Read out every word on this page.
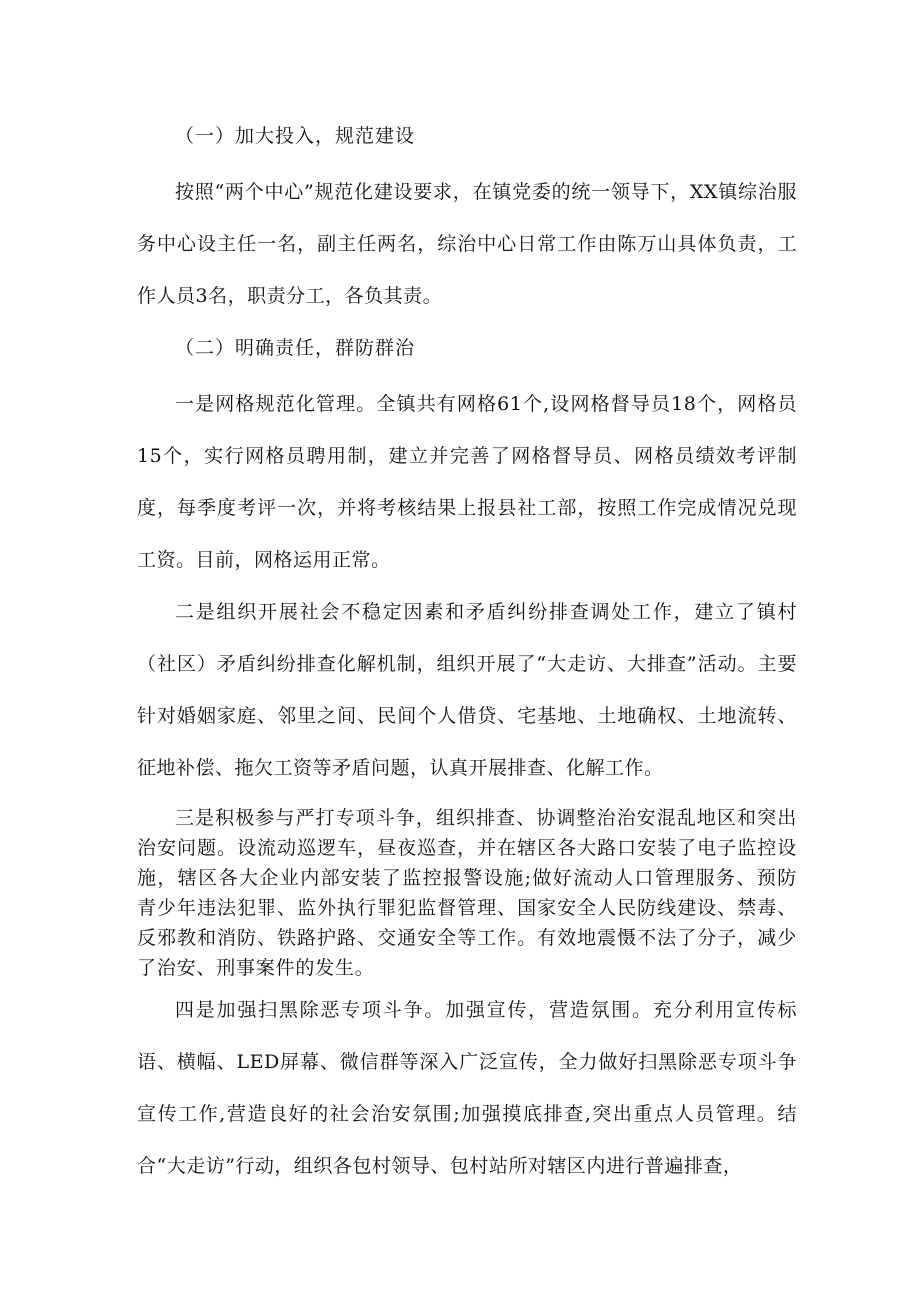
（一）加大投入，规范建设

按照“两个中心”规范化建设要求，在镇党委的统一领导下，XX镇综治服务中心设主任一名，副主任两名，综治中心日常工作由陈万山具体负责，工作人员3名，职责分工，各负其责。

（二）明确责任，群防群治

一是网格规范化管理。全镇共有网格61个,设网格督导员18个，网格员15个，实行网格员聘用制，建立并完善了网格督导员、网格员绩效考评制度，每季度考评一次，并将考核结果上报县社工部，按照工作完成情况兑现工资。目前，网格运用正常。

二是组织开展社会不稳定因素和矛盾纠纷排查调处工作，建立了镇村（社区）矛盾纠纷排查化解机制，组织开展了“大走访、大排查”活动。主要针对婚姻家庭、邻里之间、民间个人借贷、宅基地、土地确权、土地流转、征地补偿、拖欠工资等矛盾问题，认真开展排查、化解工作。

三是积极参与严打专项斗争，组织排查、协调整治治安混乱地区和突出治安问题。设流动巡逻车，昼夜巡查，并在辖区各大路口安装了电子监控设施，辖区各大企业内部安装了监控报警设施;做好流动人口管理服务、预防青少年违法犯罪、监外执行罪犯监督管理、国家安全人民防线建设、禁毒、反邪教和消防、铁路护路、交通安全等工作。有效地震慑不法了分子，减少了治安、刑事案件的发生。

四是加强扫黑除恶专项斗争。加强宣传，营造氛围。充分利用宣传标语、横幅、LED屏幕、微信群等深入广泛宣传，全力做好扫黑除恶专项斗争宣传工作,营造良好的社会治安氛围;加强摸底排查,突出重点人员管理。结合“大走访”行动，组织各包村领导、包村站所对辖区内进行普遍排查，
